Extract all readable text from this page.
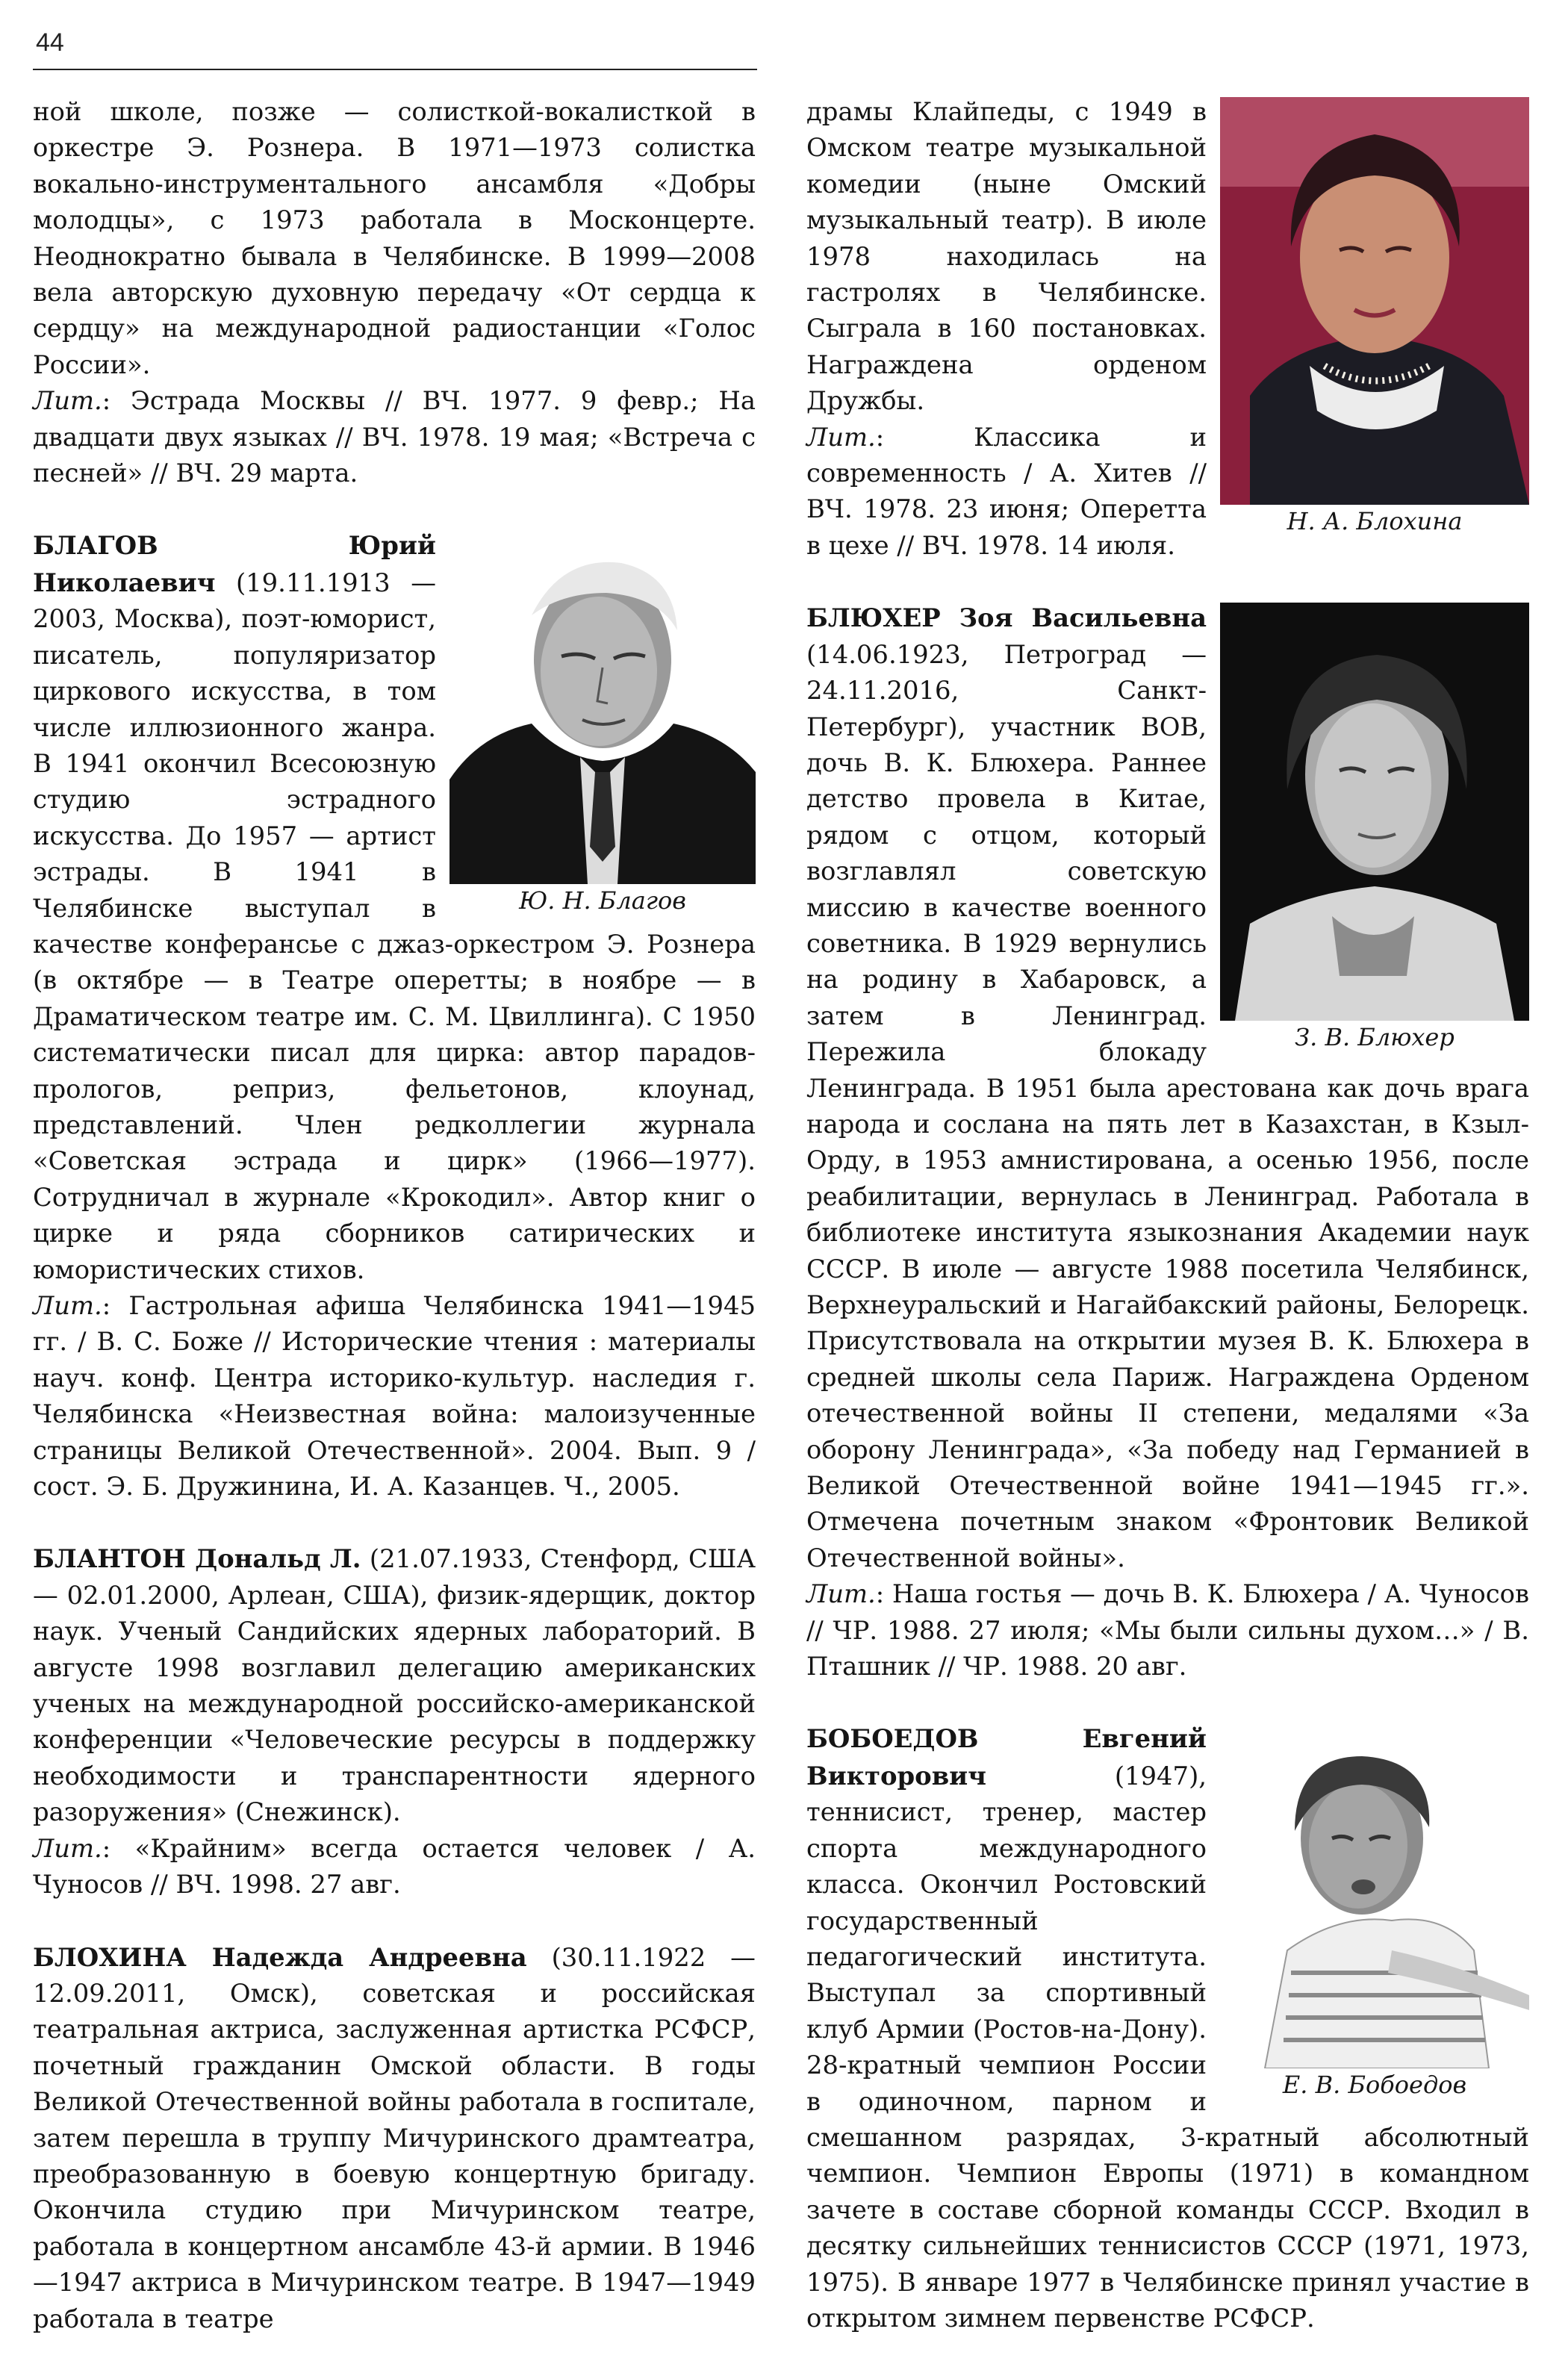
44

ной школе, позже — солисткой-вокалисткой в оркестре Э. Рознера. В 1971—1973 солистка вокально-инструментального ансамбля «Добры молодцы», с 1973 работала в Москонцерте. Неоднократно бывала в Челябинске. В 1999—2008 вела авторскую духовную передачу «От сердца к сердцу» на международной радиостанции «Голос России».

Лит.: Эстрада Москвы // ВЧ. 1977. 9 февр.; На двадцати двух языках // ВЧ. 1978. 19 мая; «Встреча с песней» // ВЧ. 29 марта.

Ю. Н. Благов

БЛАГОВ Юрий Николаевич (19.11.1913 — 2003, Москва), поэт-юморист, писатель, популяризатор циркового искусства, в том числе иллюзионного жанра. В 1941 окончил Всесоюзную студию эстрадного искусства. До 1957 — артист эстрады. В 1941 в Челябинске выступал в качестве конферансье с джаз-оркестром Э. Рознера (в октябре — в Театре оперетты; в ноябре — в Драматическом театре им. С. М. Цвиллинга). С 1950 систематически писал для цирка: автор парадов-прологов, реприз, фельетонов, клоунад, представлений. Член редколлегии журнала «Советская эстрада и цирк» (1966—1977). Сотрудничал в журнале «Крокодил». Автор книг о цирке и ряда сборников сатирических и юмористических стихов.

Лит.: Гастрольная афиша Челябинска 1941—1945 гг. / В. С. Боже // Исторические чтения : материалы науч. конф. Центра историко-культур. наследия г. Челябинска «Неизвестная война: малоизученные страницы Великой Отечественной». 2004. Вып. 9 / сост. Э. Б. Дружинина, И. А. Казанцев. Ч., 2005.

БЛАНТОН Дональд Л. (21.07.1933, Стенфорд, США — 02.01.2000, Арлеан, США), физик-ядерщик, доктор наук. Ученый Сандийских ядерных лабораторий. В августе 1998 возглавил делегацию американских ученых на международной российско-американской конференции «Человеческие ресурсы в поддержку необходимости и транспарентности ядерного разоружения» (Снежинск).

Лит.: «Крайним» всегда остается человек / А. Чуносов // ВЧ. 1998. 27 авг.

БЛОХИНА Надежда Андреевна (30.11.1922 — 12.09.2011, Омск), советская и российская театральная актриса, заслуженная артистка РСФСР, почетный гражданин Омской области. В годы Великой Отечественной войны работала в госпитале, затем перешла в труппу Мичуринского драмтеатра, преобразованную в боевую концертную бригаду. Окончила студию при Мичуринском театре, работала в концертном ансамбле 43-й армии. В 1946—1947 актриса в Мичуринском театре. В 1947—1949 работала в театре

Н. А. Блохина

драмы Клайпеды, с 1949 в Омском театре музыкальной комедии (ныне Омский музыкальный театр). В июле 1978 находилась на гастролях в Челябинске. Сыграла в 160 постановках. Награждена орденом Дружбы.

Лит.: Классика и современность / А. Хитев // ВЧ. 1978. 23 июня; Оперетта в цехе // ВЧ. 1978. 14 июля.

З. В. Блюхер

БЛЮХЕР Зоя Васильевна (14.06.1923, Петроград — 24.11.2016, Санкт-Петербург), участник ВОВ, дочь В. К. Блюхера. Раннее детство провела в Китае, рядом с отцом, который возглавлял советскую миссию в качестве военного советника. В 1929 вернулись на родину в Хабаровск, а затем в Ленинград. Пережила блокаду Ленинграда. В 1951 была арестована как дочь врага народа и сослана на пять лет в Казахстан, в Кзыл-Орду, в 1953 амнистирована, а осенью 1956, после реабилитации, вернулась в Ленинград. Работала в библиотеке института языкознания Академии наук СССР. В июле — августе 1988 посетила Челябинск, Верхнеуральский и Нагайбакский районы, Белорецк. Присутствовала на открытии музея В. К. Блюхера в средней школы села Париж. Награждена Орденом отечественной войны II степени, медалями «За оборону Ленинграда», «За победу над Германией в Великой Отечественной войне 1941—1945 гг.». Отмечена почетным знаком «Фронтовик Великой Отечественной войны».

Лит.: Наша гостья — дочь В. К. Блюхера / А. Чуносов // ЧР. 1988. 27 июля; «Мы были сильны духом…» / В. Пташник // ЧР. 1988. 20 авг.

Е. В. Бобоедов

БОБОЕДОВ Евгений Викторович (1947), теннисист, тренер, мастер спорта международного класса. Окончил Ростовский государственный педагогический института. Выступал за спортивный клуб Армии (Ростов-на-Дону). 28-кратный чемпион России в одиночном, парном и смешанном разрядах, 3-кратный абсолютный чемпион. Чемпион Европы (1971) в командном зачете в составе сборной команды СССР. Входил в десятку сильнейших теннисистов СССР (1971, 1973, 1975). В январе 1977 в Челябинске принял участие в открытом зимнем первенстве РСФСР.
